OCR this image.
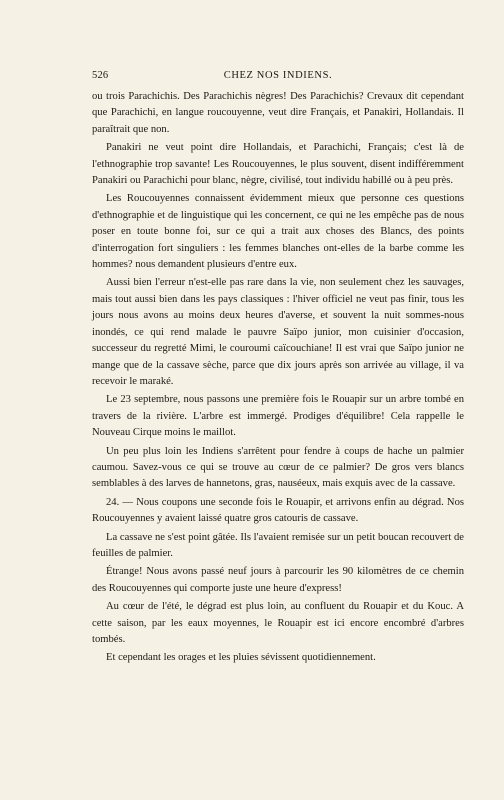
526	CHEZ NOS INDIENS.

ou trois Parachichis. Des Parachichis nègres! Des Parachichis? Crevaux dit cependant que Parachichi, en langue roucouyenne, veut dire Français, et Panakiri, Hollandais. Il paraîtrait que non.

Panakiri ne veut point dire Hollandais, et Parachichi, Français; c'est là de l'ethnographie trop savante! Les Roucouyennes, le plus souvent, disent indifféremment Panakiri ou Parachichi pour blanc, nègre, civilisé, tout individu habillé ou à peu près.

Les Roucouyennes connaissent évidemment mieux que personne ces questions d'ethnographie et de linguistique qui les concernent, ce qui ne les empêche pas de nous poser en toute bonne foi, sur ce qui a trait aux choses des Blancs, des points d'interrogation fort singuliers : les femmes blanches ont-elles de la barbe comme les hommes? nous demandent plusieurs d'entre eux.

Aussi bien l'erreur n'est-elle pas rare dans la vie, non seulement chez les sauvages, mais tout aussi bien dans les pays classiques : l'hiver officiel ne veut pas finir, tous les jours nous avons au moins deux heures d'averse, et souvent la nuit sommes-nous inondés, ce qui rend malade le pauvre Saïpo junior, mon cuisinier d'occasion, successeur du regretté Mimi, le couroumi caïcouchiane! Il est vrai que Saïpo junior ne mange que de la cassave sèche, parce que dix jours après son arrivée au village, il va recevoir le maraké.

Le 23 septembre, nous passons une première fois le Rouapir sur un arbre tombé en travers de la rivière. L'arbre est immergé. Prodiges d'équilibre! Cela rappelle le Nouveau Cirque moins le maillot.

Un peu plus loin les Indiens s'arrêtent pour fendre à coups de hache un palmier caumou. Savez-vous ce qui se trouve au cœur de ce palmier? De gros vers blancs semblables à des larves de hannetons, gras, nauséeux, mais exquis avec de la cassave.

24. — Nous coupons une seconde fois le Rouapir, et arrivons enfin au dégrad. Nos Roucouyennes y avaient laissé quatre gros catouris de cassave.

La cassave ne s'est point gâtée. Ils l'avaient remisée sur un petit boucan recouvert de feuilles de palmier.

Étrange! Nous avons passé neuf jours à parcourir les 90 kilomètres de ce chemin des Roucouyennes qui comporte juste une heure d'express!

Au cœur de l'été, le dégrad est plus loin, au confluent du Rouapir et du Kouc. A cette saison, par les eaux moyennes, le Rouapir est ici encore encombré d'arbres tombés.

Et cependant les orages et les pluies sévissent quotidiennement.
